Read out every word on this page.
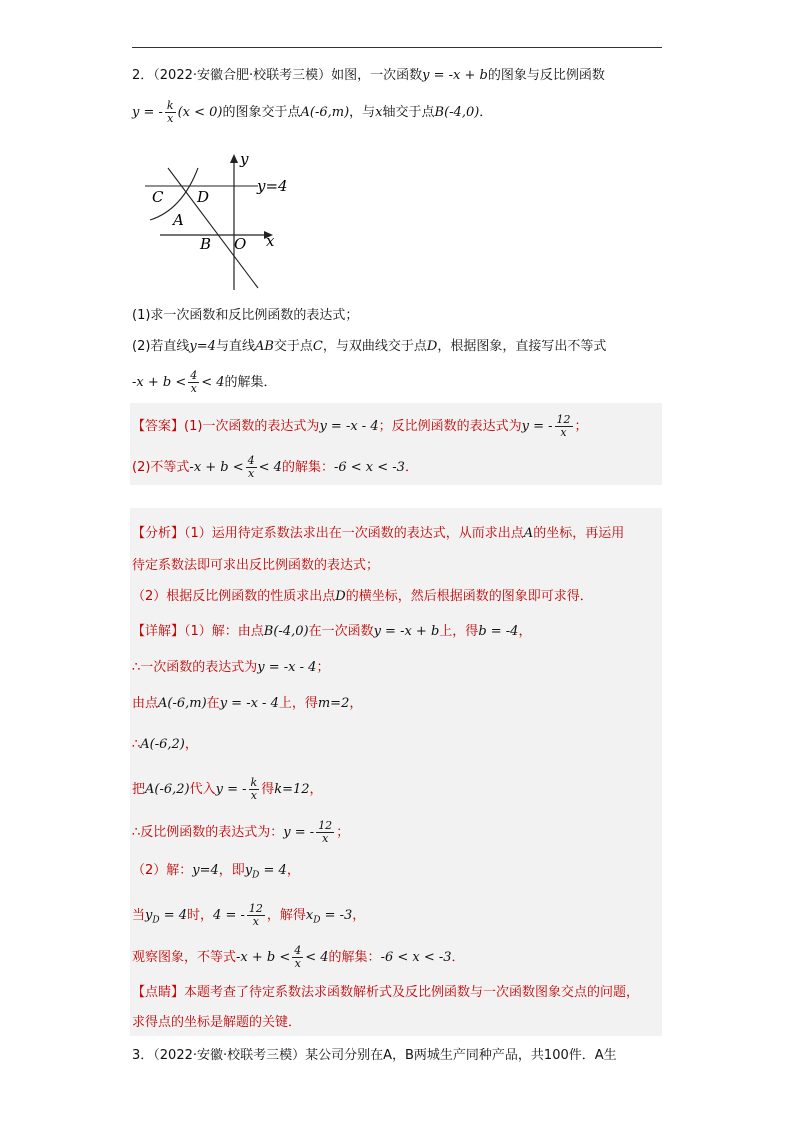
2．（2022·安徽合肥·校联考三模）如图，一次函数y = -x + b的图象与反比例函数
y = - $\frac{k}{x} (x < 0)$的图象交于点A(-6,m)，与x轴交于点B(-4,0)．
y
y=4
C D
A
B O x
(1)求一次函数和反比例函数的表达式；
(2)若直线y=4与直线AB交于点C，与双曲线交于点D，根据图象，直接写出不等式
$-x + b < \frac{4}{x} < 4$的解集．
【答案】(1)一次函数的表达式为y = -x - 4；反比例函数的表达式为y = - $\frac{12}{x}$ ；
(2)不等式$-x + b < \frac{4}{x} < 4$的解集：-6 < x < -3．
【分析】（1）运用待定系数法求出在一次函数的表达式，从而求出点A的坐标，再运用
待定系数法即可求出反比例函数的表达式；
（2）根据反比例函数的性质求出点D的横坐标，然后根据函数的图象即可求得．
【详解】（1）解：由点B(-4,0)在一次函数y = -x + b上，得b = -4，
∴一次函数的表达式为y = -x - 4；
由点A(-6,m)在y = -x - 4上，得m=2，
∴A(-6,2)，
把A(-6,2)代入y = - $\frac{k}{x}$ 得k=12，
∴反比例函数的表达式为：y = - $\frac{12}{x}$ ；
（2）解：y=4，即$y_D = 4$，
当$y_D = 4$时，4 = - $\frac{12}{x}$ ，解得$x_D = -3$，
观察图象，不等式$-x + b < \frac{4}{x} < 4$的解集：-6 < x < -3．
【点睛】本题考查了待定系数法求函数解析式及反比例函数与一次函数图象交点的问题，
求得点的坐标是解题的关键．
3．（2022·安徽·校联考三模）某公司分别在A，B两城生产同种产品，共100件．A生
